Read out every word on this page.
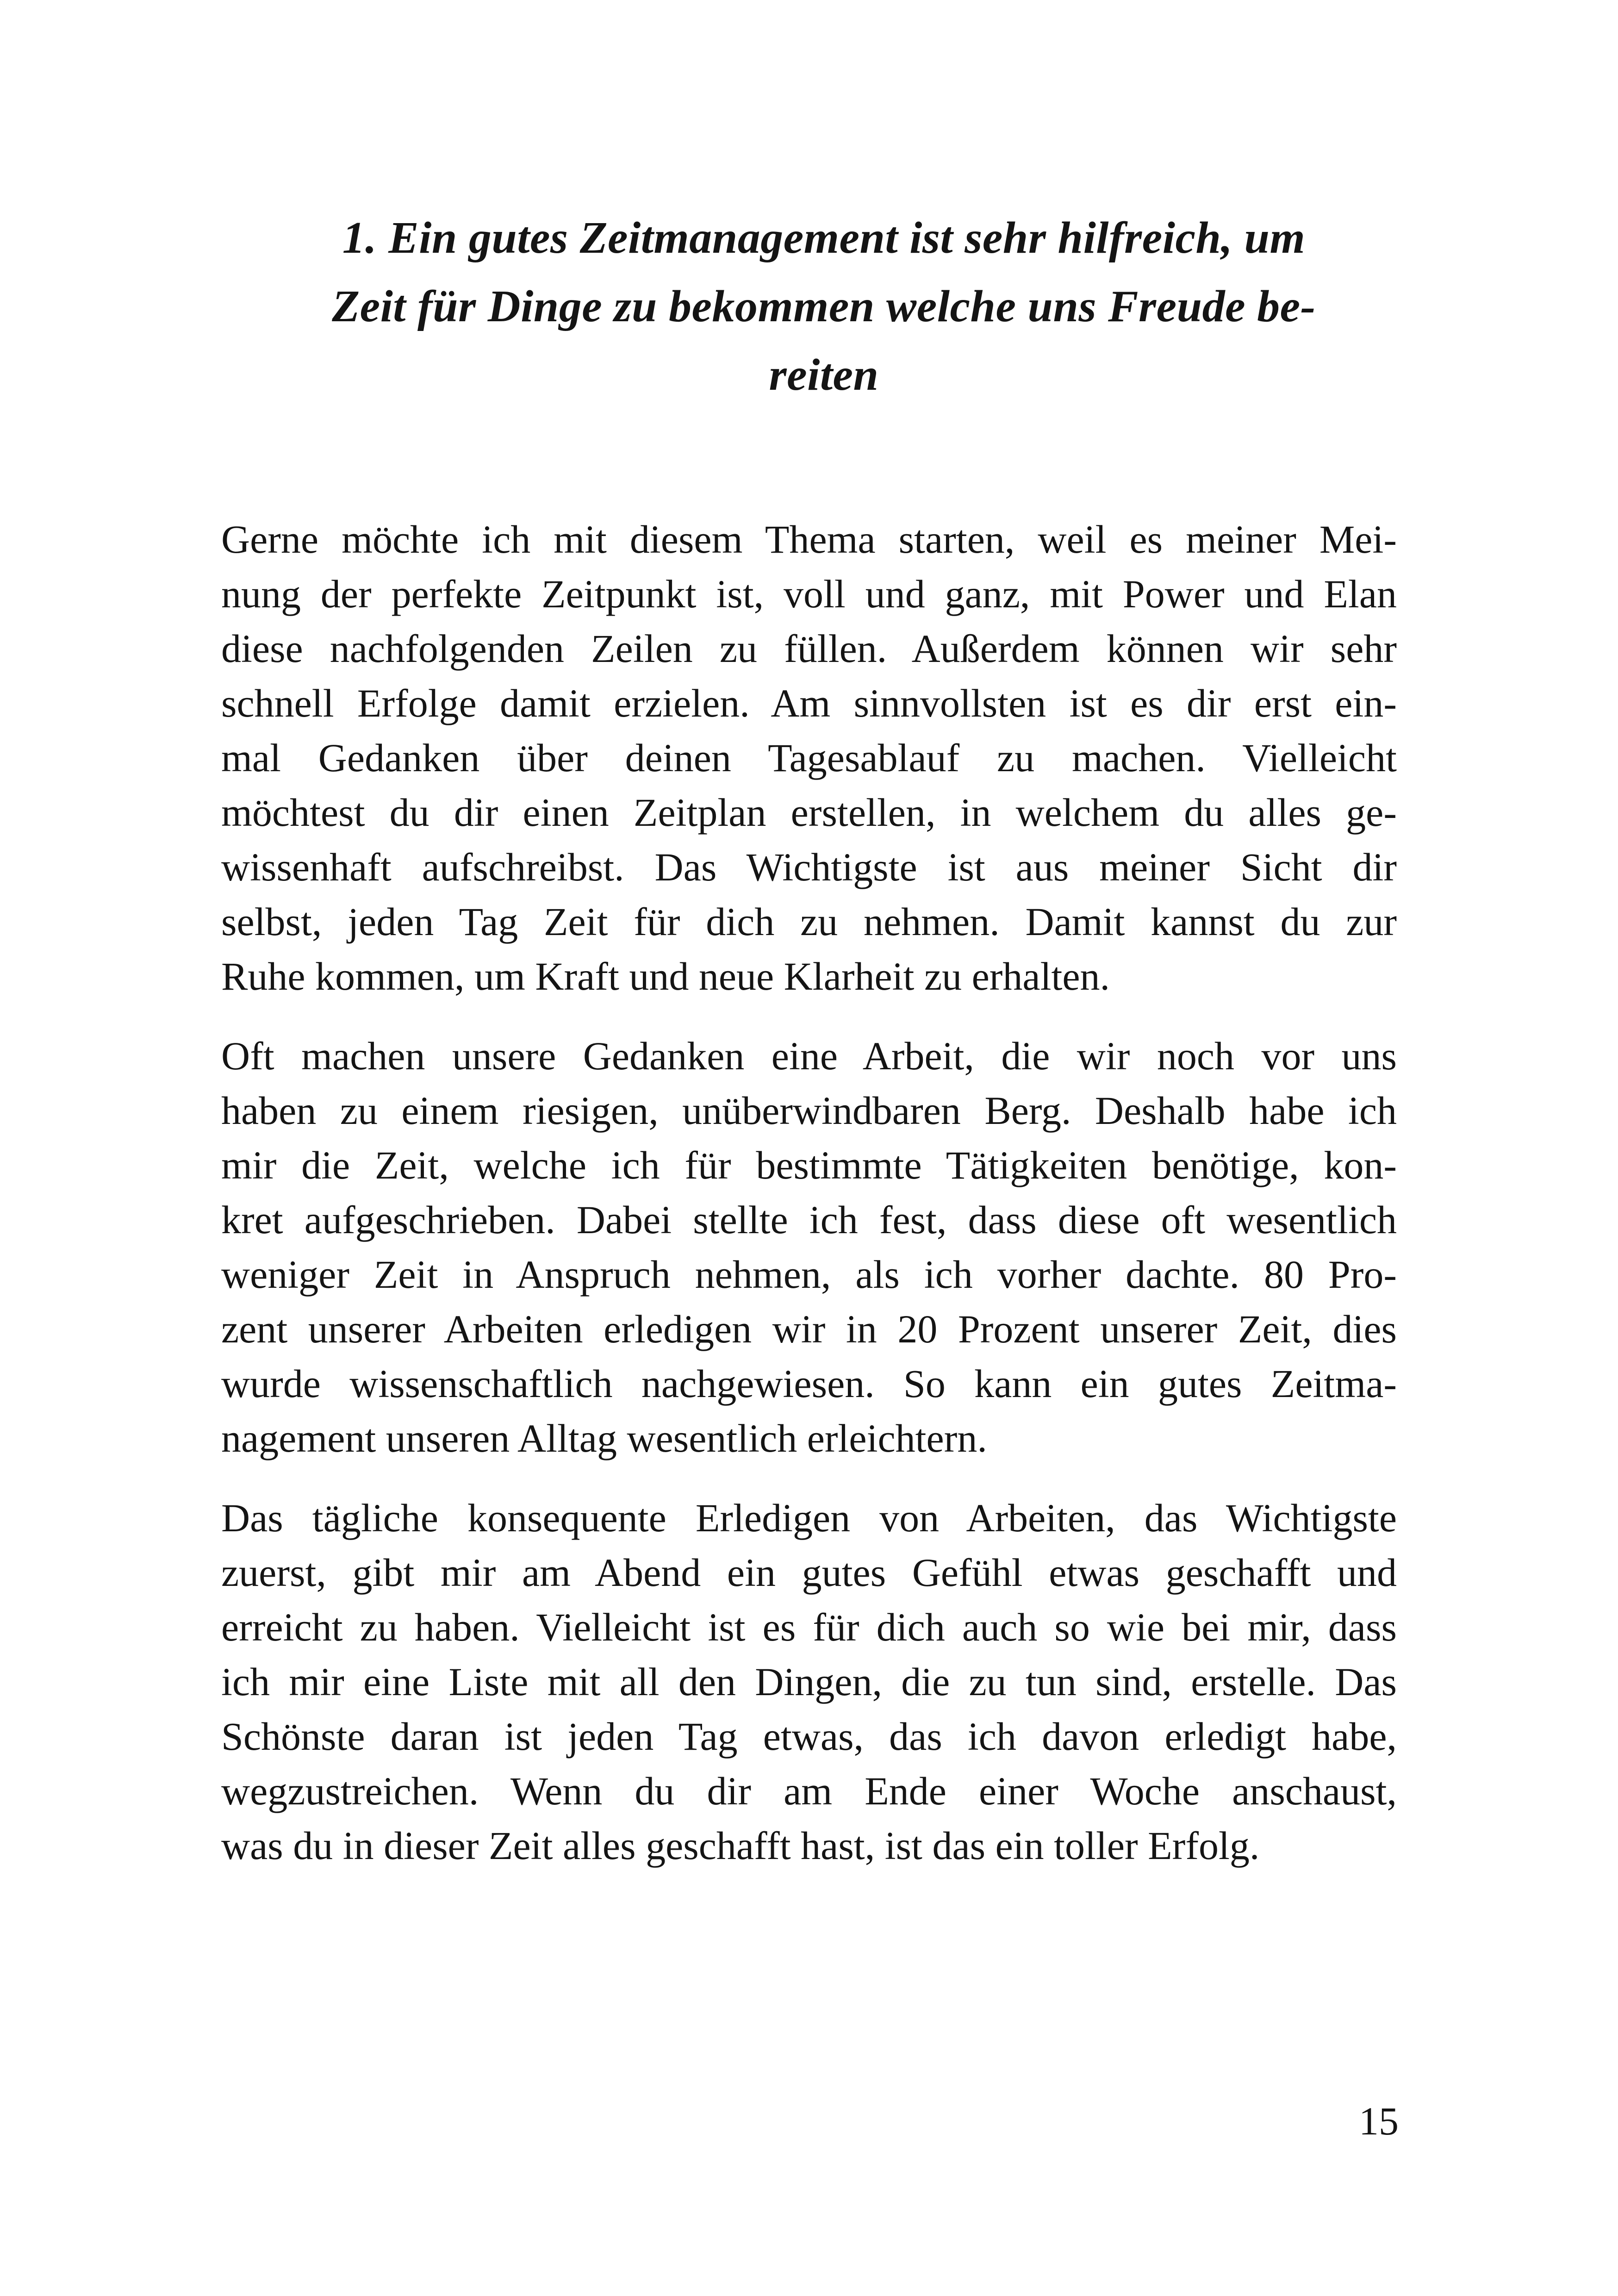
1. Ein gutes Zeitmanagement ist sehr hilfreich, um
Zeit für Dinge zu bekommen welche uns Freude be-
reiten

Gerne möchte ich mit diesem Thema starten, weil es meiner Mei-
nung der perfekte Zeitpunkt ist, voll und ganz, mit Power und Elan
diese nachfolgenden Zeilen zu füllen. Außerdem können wir sehr
schnell Erfolge damit erzielen. Am sinnvollsten ist es dir erst ein-
mal Gedanken über deinen Tagesablauf zu machen. Vielleicht
möchtest du dir einen Zeitplan erstellen, in welchem du alles ge-
wissenhaft aufschreibst. Das Wichtigste ist aus meiner Sicht dir
selbst, jeden Tag Zeit für dich zu nehmen. Damit kannst du zur
Ruhe kommen, um Kraft und neue Klarheit zu erhalten.

Oft machen unsere Gedanken eine Arbeit, die wir noch vor uns
haben zu einem riesigen, unüberwindbaren Berg. Deshalb habe ich
mir die Zeit, welche ich für bestimmte Tätigkeiten benötige, kon-
kret aufgeschrieben. Dabei stellte ich fest, dass diese oft wesentlich
weniger Zeit in Anspruch nehmen, als ich vorher dachte. 80 Pro-
zent unserer Arbeiten erledigen wir in 20 Prozent unserer Zeit, dies
wurde wissenschaftlich nachgewiesen. So kann ein gutes Zeitma-
nagement unseren Alltag wesentlich erleichtern.

Das tägliche konsequente Erledigen von Arbeiten, das Wichtigste
zuerst, gibt mir am Abend ein gutes Gefühl etwas geschafft und
erreicht zu haben. Vielleicht ist es für dich auch so wie bei mir, dass
ich mir eine Liste mit all den Dingen, die zu tun sind, erstelle. Das
Schönste daran ist jeden Tag etwas, das ich davon erledigt habe,
wegzustreichen. Wenn du dir am Ende einer Woche anschaust,
was du in dieser Zeit alles geschafft hast, ist das ein toller Erfolg.

15
